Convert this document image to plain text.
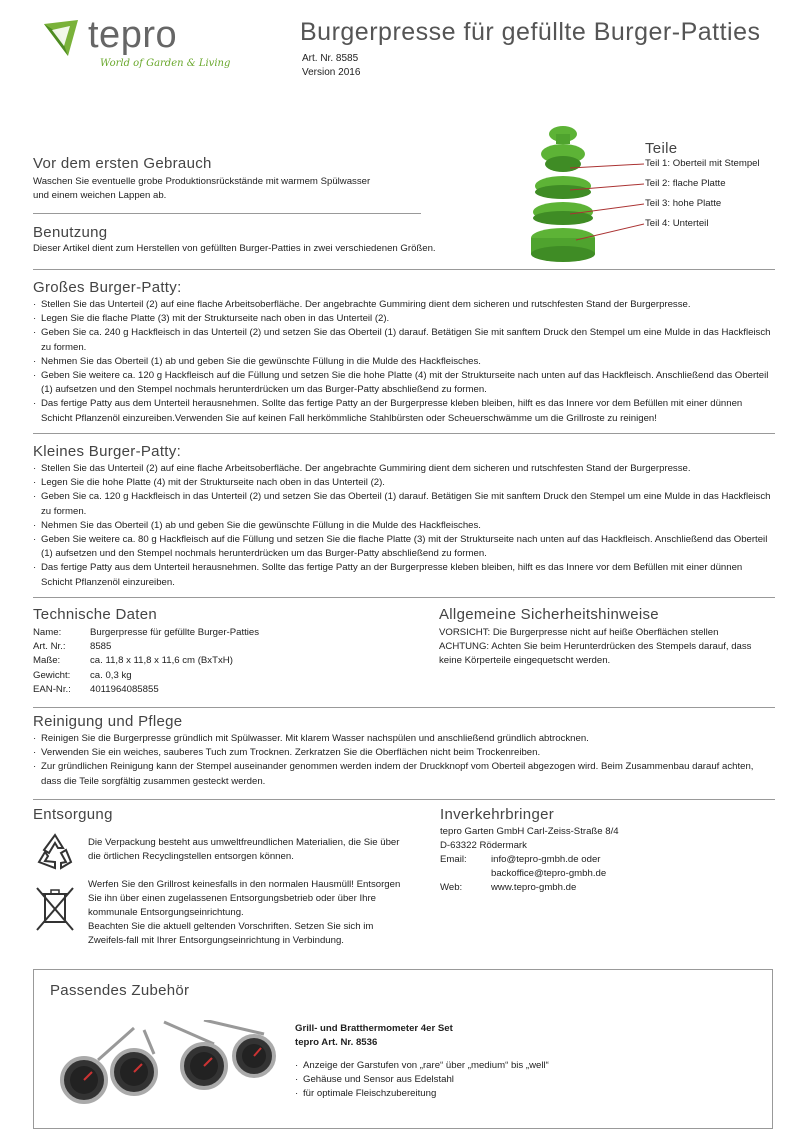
tepro
World of Garden & Living
Burgerpresse für gefüllte Burger-Patties
Art. Nr. 8585
Version 2016
Teile
Teil 1: Oberteil mit Stempel
Teil 2: flache Platte
Teil 3: hohe Platte
Teil 4: Unterteil
Vor dem ersten Gebrauch
Waschen Sie eventuelle grobe Produktionsrückstände mit warmem Spülwasser und einem weichen Lappen ab.
Benutzung
Dieser Artikel dient zum Herstellen von gefüllten Burger-Patties in zwei verschiedenen Größen.
Großes Burger-Patty:
· Stellen Sie das Unterteil (2) auf eine flache Arbeitsoberfläche. Der angebrachte Gummiring dient dem sicheren und rutschfesten Stand der Burgerpresse.
· Legen Sie die flache Platte (3) mit der Strukturseite nach oben in das Unterteil (2).
· Geben Sie ca. 240 g Hackfleisch in das Unterteil (2) und setzen Sie das Oberteil (1) darauf. Betätigen Sie mit sanftem Druck den Stempel um eine Mulde in das Hackfleisch zu formen.
· Nehmen Sie das Oberteil (1) ab und geben Sie die gewünschte Füllung in die Mulde des Hackfleisches.
· Geben Sie weitere ca. 120 g Hackfleisch auf die Füllung und setzen Sie die hohe Platte (4) mit der Strukturseite nach unten auf das Hackfleisch. Anschließend das Oberteil (1) aufsetzen und den Stempel nochmals herunterdrücken um das Burger-Patty abschließend zu formen.
· Das fertige Patty aus dem Unterteil herausnehmen. Sollte das fertige Patty an der Burgerpresse kleben bleiben, hilft es das Innere vor dem Befüllen mit einer dünnen Schicht Pflanzenöl einzureiben.Verwenden Sie auf keinen Fall herkömmliche Stahlbürsten oder Scheuerschwämme um die Grillroste zu reinigen!
Kleines Burger-Patty:
· Stellen Sie das Unterteil (2) auf eine flache Arbeitsoberfläche. Der angebrachte Gummiring dient dem sicheren und rutschfesten Stand der Burgerpresse.
· Legen Sie die hohe Platte (4) mit der Strukturseite nach oben in das Unterteil (2).
· Geben Sie ca. 120 g Hackfleisch in das Unterteil (2) und setzen Sie das Oberteil (1) darauf. Betätigen Sie mit sanftem Druck den Stempel um eine Mulde in das Hackfleisch zu formen.
· Nehmen Sie das Oberteil (1) ab und geben Sie die gewünschte Füllung in die Mulde des Hackfleisches.
· Geben Sie weitere ca. 80 g Hackfleisch auf die Füllung und setzen Sie die flache Platte (3) mit der Strukturseite nach unten auf das Hackfleisch. Anschließend das Oberteil (1) aufsetzen und den Stempel nochmals herunterdrücken um das Burger-Patty abschließend zu formen.
· Das fertige Patty aus dem Unterteil herausnehmen. Sollte das fertige Patty an der Burgerpresse kleben bleiben, hilft es das Innere vor dem Befüllen mit einer dünnen Schicht Pflanzenöl einzureiben.
Technische Daten
Name:	Burgerpresse für gefüllte Burger-Patties
Art. Nr.:	8585
Maße:	ca. 11,8 x 11,8 x 11,6 cm (BxTxH)
Gewicht:	ca. 0,3 kg
EAN-Nr.:	4011964085855
Allgemeine Sicherheitshinweise
VORSICHT: Die Burgerpresse nicht auf heiße Oberflächen stellen
ACHTUNG: Achten Sie beim Herunterdrücken des Stempels darauf, dass keine Körperteile eingequetscht werden.
Reinigung und Pflege
· Reinigen Sie die Burgerpresse gründlich mit Spülwasser. Mit klarem Wasser nachspülen und anschließend gründlich abtrocknen.
· Verwenden Sie ein weiches, sauberes Tuch zum Trocknen. Zerkratzen Sie die Oberflächen nicht beim Trockenreiben.
· Zur gründlichen Reinigung kann der Stempel auseinander genommen werden indem der Druckknopf vom Oberteil abgezogen wird. Beim Zusammenbau darauf achten, dass die Teile sorgfältig zusammen gesteckt werden.
Entsorgung
Die Verpackung besteht aus umweltfreundlichen Materialien, die Sie über die örtlichen Recyclingstellen entsorgen können.
Werfen Sie den Grillrost keinesfalls in den normalen Hausmüll! Entsorgen Sie ihn über einen zugelassenen Entsorgungsbetrieb oder über Ihre kommunale Entsorgungseinrichtung.
Beachten Sie die aktuell geltenden Vorschriften. Setzen Sie sich im Zweifels-fall mit Ihrer Entsorgungseinrichtung in Verbindung.
Inverkehrbringer
tepro Garten GmbH Carl-Zeiss-Straße 8/4
D-63322 Rödermark
Email:	info@tepro-gmbh.de oder
backoffice@tepro-gmbh.de
Web:	www.tepro-gmbh.de
Passendes Zubehör
Grill- und Bratthermometer 4er Set
tepro Art. Nr. 8536
· Anzeige der Garstufen von „rare“ über „medium“ bis „well“
· Gehäuse und Sensor aus Edelstahl
· für optimale Fleischzubereitung
